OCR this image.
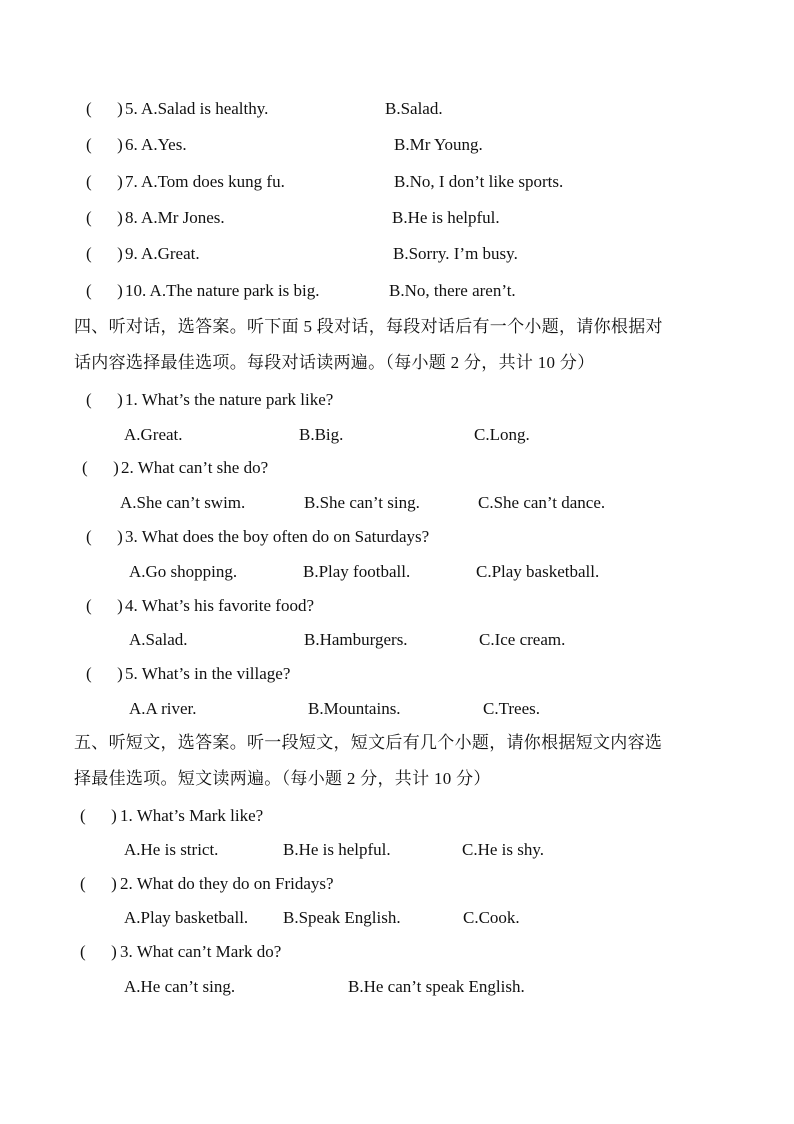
(      ) 5. A.Salad is healthy.	B.Salad.
(      ) 6. A.Yes.	B.Mr Young.
(      ) 7. A.Tom does kung fu.	B.No, I don’t like sports.
(      ) 8. A.Mr Jones.	B.He is helpful.
(      ) 9. A.Great.	B.Sorry. I’m busy.
(      ) 10. A.The nature park is big.	B.No, there aren’t.
四、听对话，选答案。听下面 5 段对话，每段对话后有一个小题，请你根据对
话内容选择最佳选项。每段对话读两遍。（每小题 2 分，共计 10 分）
(      ) 1. What’s the nature park like?
A.Great.	B.Big.	C.Long.
(      ) 2. What can’t she do?
A.She can’t swim.	B.She can’t sing.	C.She can’t dance.
(      ) 3. What does the boy often do on Saturdays?
A.Go shopping.	B.Play football.	C.Play basketball.
(      ) 4. What’s his favorite food?
A.Salad.	B.Hamburgers.	C.Ice cream.
(      ) 5. What’s in the village?
A.A river.	B.Mountains.	C.Trees.
五、听短文，选答案。听一段短文，短文后有几个小题，请你根据短文内容选
择最佳选项。短文读两遍。（每小题 2 分，共计 10 分）
(      ) 1. What’s Mark like?
A.He is strict.	B.He is helpful.	C.He is shy.
(      ) 2. What do they do on Fridays?
A.Play basketball. B.Speak English.	C.Cook.
(      ) 3. What can’t Mark do?
A.He can’t sing.	B.He can’t speak English.
